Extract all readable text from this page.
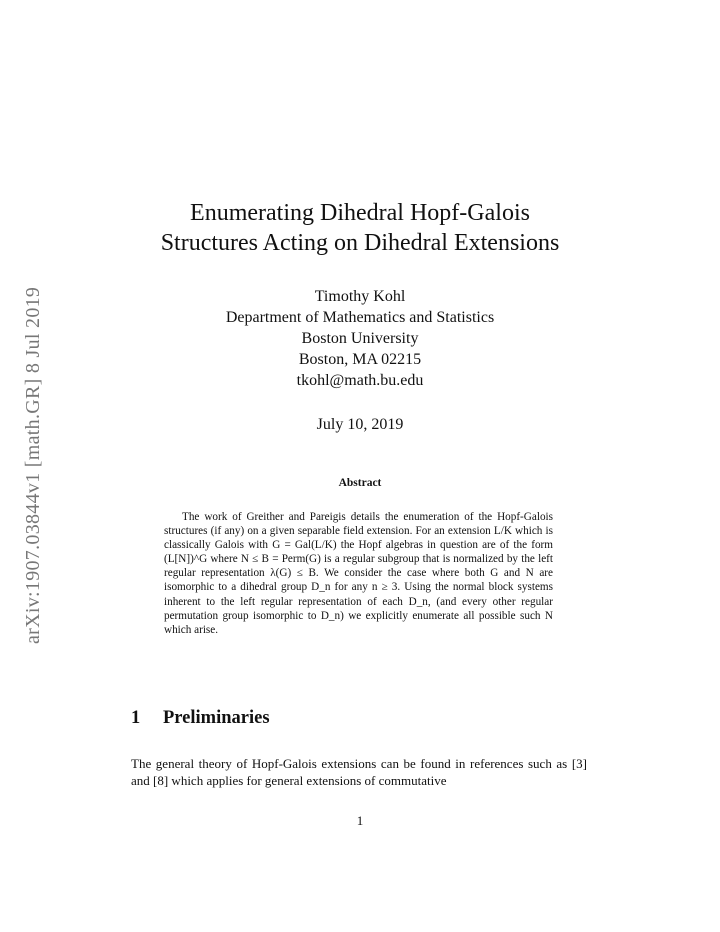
arXiv:1907.03844v1 [math.GR] 8 Jul 2019
Enumerating Dihedral Hopf-Galois
Structures Acting on Dihedral Extensions
Timothy Kohl
Department of Mathematics and Statistics
Boston University
Boston, MA 02215
tkohl@math.bu.edu
July 10, 2019
Abstract
The work of Greither and Pareigis details the enumeration of the Hopf-Galois structures (if any) on a given separable field extension. For an extension L/K which is classically Galois with G = Gal(L/K) the Hopf algebras in question are of the form (L[N])^G where N ≤ B = Perm(G) is a regular subgroup that is normalized by the left regular representation λ(G) ≤ B. We consider the case where both G and N are isomorphic to a dihedral group D_n for any n ≥ 3. Using the normal block systems inherent to the left regular representation of each D_n, (and every other regular permutation group isomorphic to D_n) we explicitly enumerate all possible such N which arise.
1 Preliminaries
The general theory of Hopf-Galois extensions can be found in references such as [3] and [8] which applies for general extensions of commutative
1
